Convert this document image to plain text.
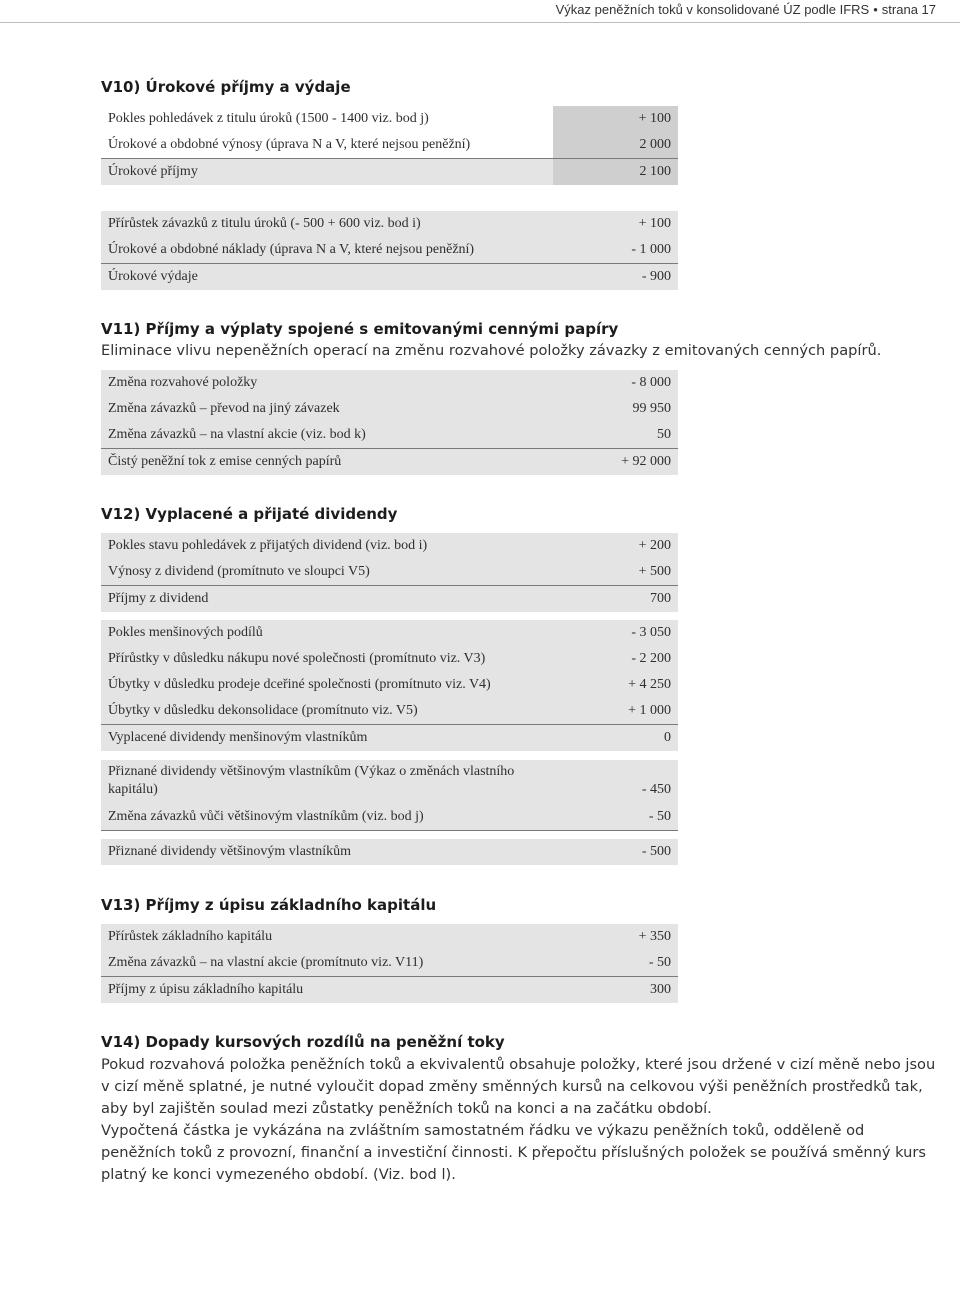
Výkaz peněžních toků v konsolidované ÚZ podle IFRS • strana 17
V10) Úrokové příjmy a výdaje
Pokles pohledávek z titulu úroků (1500 - 1400 viz. bod j)	+ 100
Úrokové a obdobné výnosy (úprava N a V, které nejsou peněžní)	2 000
Úrokové příjmy	2 100
Přírůstek závazků z titulu úroků (- 500 + 600 viz. bod i)	+ 100
Úrokové a obdobné náklady (úprava N a V, které nejsou peněžní)	- 1 000
Úrokové výdaje	- 900
V11) Příjmy a výplaty spojené s emitovanými cennými papíry
Eliminace vlivu nepeněžních operací na změnu rozvahové položky závazky z emitovaných cenných papírů.
Změna rozvahové položky	- 8 000
Změna závazků – převod na jiný závazek	99 950
Změna závazků – na vlastní akcie (viz. bod k)	50
Čistý peněžní tok z emise cenných papírů	+ 92 000
V12) Vyplacené a přijaté dividendy
Pokles stavu pohledávek z přijatých dividend (viz. bod i)	+ 200
Výnosy z dividend (promítnuto ve sloupci V5)	+ 500
Příjmy z dividend	700
Pokles menšinových podílů	- 3 050
Přírůstky v důsledku nákupu nové společnosti (promítnuto viz. V3)	- 2 200
Úbytky v důsledku prodeje dceřiné společnosti (promítnuto viz. V4)	+ 4 250
Úbytky v důsledku dekonsolidace (promítnuto viz. V5)	+ 1 000
Vyplacené dividendy menšinovým vlastníkům	0
Přiznané dividendy většinovým vlastníkům (Výkaz o změnách vlastního kapitálu)	- 450
Změna závazků vůči většinovým vlastníkům (viz. bod j)	- 50
Přiznané dividendy většinovým vlastníkům	- 500
V13) Příjmy z úpisu základního kapitálu
Přírůstek základního kapitálu	+ 350
Změna závazků – na vlastní akcie (promítnuto viz. V11)	- 50
Příjmy z úpisu základního kapitálu	300
V14) Dopady kursových rozdílů na peněžní toky
Pokud rozvahová položka peněžních toků a ekvivalentů obsahuje položky, které jsou držené v cizí měně nebo jsou v cizí měně splatné, je nutné vyloučit dopad změny směnných kursů na celkovou výši peněžních prostředků tak, aby byl zajištěn soulad mezi zůstatky peněžních toků na konci a na začátku období.
Vypočtená částka je vykázána na zvláštním samostatném řádku ve výkazu peněžních toků, odděleně od peněžních toků z provozní, finanční a investiční činnosti. K přepočtu příslušných položek se používá směnný kurs platný ke konci vymezeného období. (Viz. bod l).
